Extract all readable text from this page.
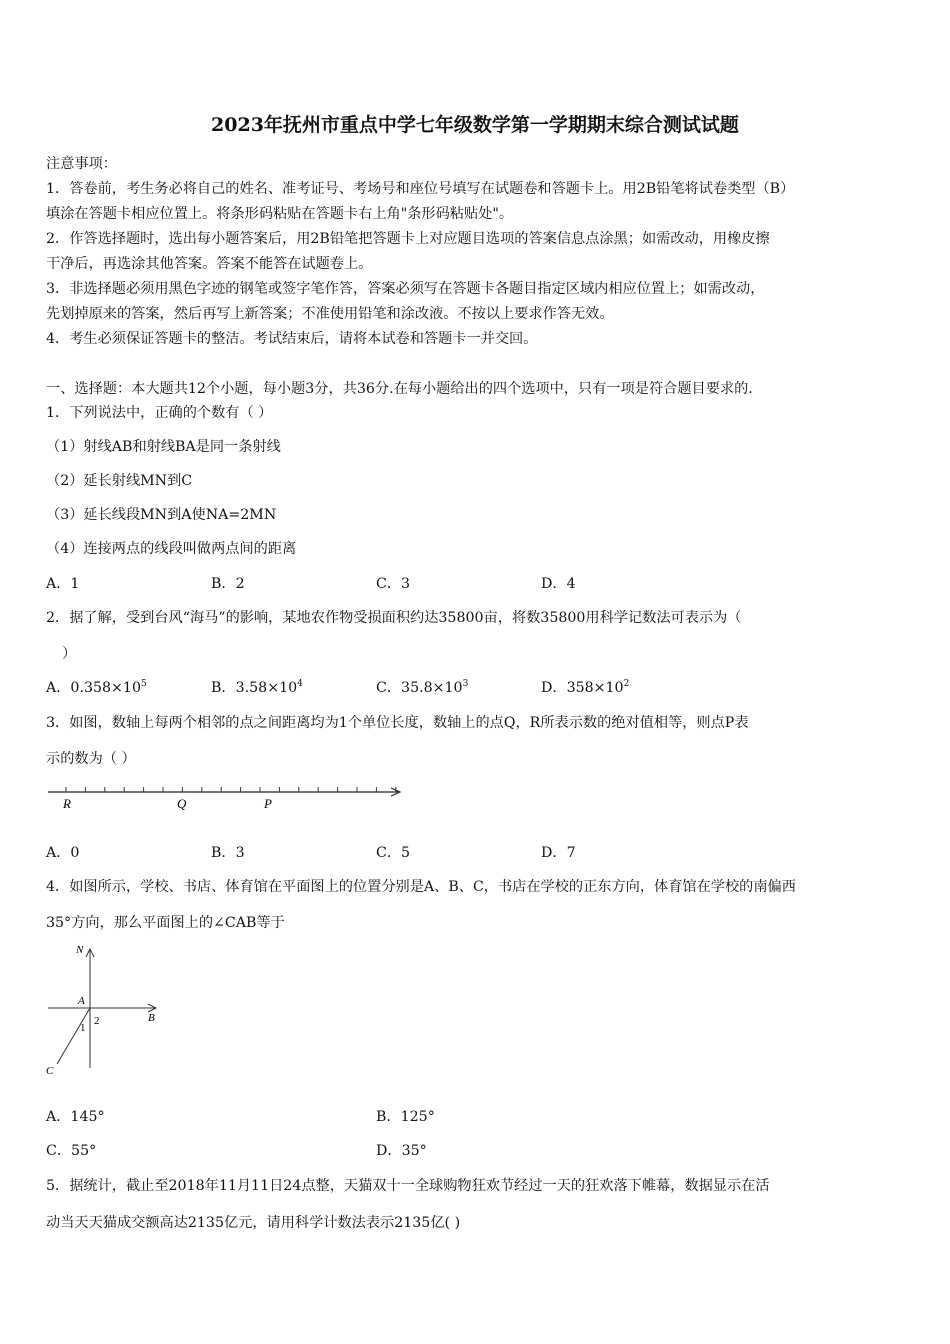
2023年抚州市重点中学七年级数学第一学期期末综合测试试题
注意事项：
1．答卷前，考生务必将自己的姓名、准考证号、考场号和座位号填写在试题卷和答题卡上。用2B铅笔将试卷类型（B）
填涂在答题卡相应位置上。将条形码粘贴在答题卡右上角"条形码粘贴处"。
2．作答选择题时，选出每小题答案后，用2B铅笔把答题卡上对应题目选项的答案信息点涂黑；如需改动，用橡皮擦
干净后，再选涂其他答案。答案不能答在试题卷上。
3．非选择题必须用黑色字迹的钢笔或签字笔作答，答案必须写在答题卡各题目指定区域内相应位置上；如需改动，
先划掉原来的答案，然后再写上新答案；不准使用铅笔和涂改液。不按以上要求作答无效。
4．考生必须保证答题卡的整洁。考试结束后，请将本试卷和答题卡一并交回。
一、选择题：本大题共12个小题，每小题3分，共36分.在每小题给出的四个选项中，只有一项是符合题目要求的.
1．下列说法中，正确的个数有（ ）
（1）射线AB和射线BA是同一条射线
（2）延长射线MN到C
（3）延长线段MN到A使NA=2MN
（4）连接两点的线段叫做两点间的距离
A．1	B．2	C．3	D．4
2．据了解，受到台风“海马”的影响，某地农作物受损面积约达35800亩，将数35800用科学记数法可表示为（
）
A．$0.358\times 10^5$	B．$3.58\times 10^4$	C．$35.8\times 10^3$	D．$358\times 10^2$
3．如图，数轴上每两个相邻的点之间距离均为1个单位长度，数轴上的点Q，R所表示数的绝对值相等，则点P表
示的数为（ ）
R	Q	P
A．0	B．3	C．5	D．7
4．如图所示，学校、书店、体育馆在平面图上的位置分别是A、B、C，书店在学校的正东方向，体育馆在学校的南偏西
35°方向，那么平面图上的∠CAB等于
N
A
B
C
1
2
A．145°	B．125°
C．55°	D．35°
5．据统计，截止至2018年11月11日24点整，天猫双十一全球购物狂欢节经过一天的狂欢落下帷幕，数据显示在活
动当天天猫成交额高达2135亿元，请用科学计数法表示2135亿( )
